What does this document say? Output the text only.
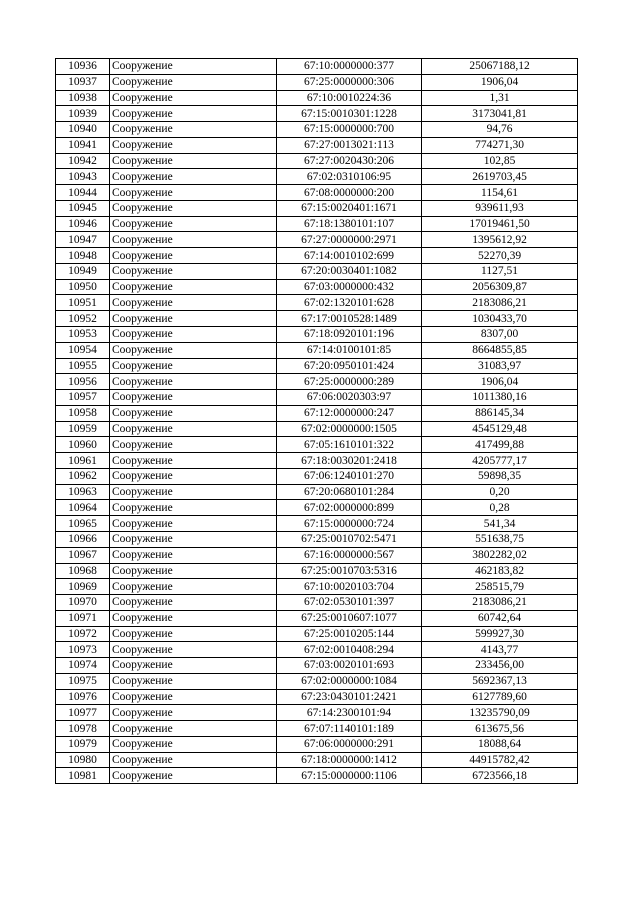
10936	Сооружение	67:10:0000000:377	25067188,12
10937	Сооружение	67:25:0000000:306	1906,04
10938	Сооружение	67:10:0010224:36	1,31
10939	Сооружение	67:15:0010301:1228	3173041,81
10940	Сооружение	67:15:0000000:700	94,76
10941	Сооружение	67:27:0013021:113	774271,30
10942	Сооружение	67:27:0020430:206	102,85
10943	Сооружение	67:02:0310106:95	2619703,45
10944	Сооружение	67:08:0000000:200	1154,61
10945	Сооружение	67:15:0020401:1671	939611,93
10946	Сооружение	67:18:1380101:107	17019461,50
10947	Сооружение	67:27:0000000:2971	1395612,92
10948	Сооружение	67:14:0010102:699	52270,39
10949	Сооружение	67:20:0030401:1082	1127,51
10950	Сооружение	67:03:0000000:432	2056309,87
10951	Сооружение	67:02:1320101:628	2183086,21
10952	Сооружение	67:17:0010528:1489	1030433,70
10953	Сооружение	67:18:0920101:196	8307,00
10954	Сооружение	67:14:0100101:85	8664855,85
10955	Сооружение	67:20:0950101:424	31083,97
10956	Сооружение	67:25:0000000:289	1906,04
10957	Сооружение	67:06:0020303:97	1011380,16
10958	Сооружение	67:12:0000000:247	886145,34
10959	Сооружение	67:02:0000000:1505	4545129,48
10960	Сооружение	67:05:1610101:322	417499,88
10961	Сооружение	67:18:0030201:2418	4205777,17
10962	Сооружение	67:06:1240101:270	59898,35
10963	Сооружение	67:20:0680101:284	0,20
10964	Сооружение	67:02:0000000:899	0,28
10965	Сооружение	67:15:0000000:724	541,34
10966	Сооружение	67:25:0010702:5471	551638,75
10967	Сооружение	67:16:0000000:567	3802282,02
10968	Сооружение	67:25:0010703:5316	462183,82
10969	Сооружение	67:10:0020103:704	258515,79
10970	Сооружение	67:02:0530101:397	2183086,21
10971	Сооружение	67:25:0010607:1077	60742,64
10972	Сооружение	67:25:0010205:144	599927,30
10973	Сооружение	67:02:0010408:294	4143,77
10974	Сооружение	67:03:0020101:693	233456,00
10975	Сооружение	67:02:0000000:1084	5692367,13
10976	Сооружение	67:23:0430101:2421	6127789,60
10977	Сооружение	67:14:2300101:94	13235790,09
10978	Сооружение	67:07:1140101:189	613675,56
10979	Сооружение	67:06:0000000:291	18088,64
10980	Сооружение	67:18:0000000:1412	44915782,42
10981	Сооружение	67:15:0000000:1106	6723566,18
